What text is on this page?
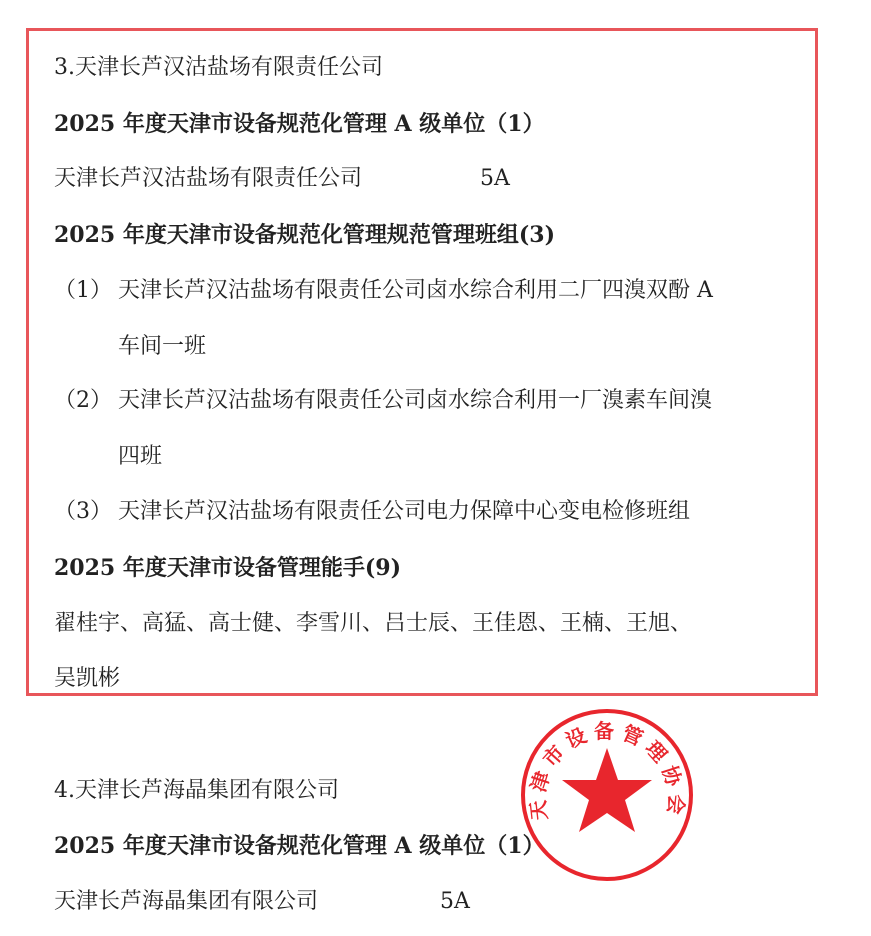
3.天津长芦汉沽盐场有限责任公司
2025 年度天津市设备规范化管理 A 级单位（1）
天津长芦汉沽盐场有限责任公司	5A
2025 年度天津市设备规范化管理规范管理班组(3)
（1） 天津长芦汉沽盐场有限责任公司卤水综合利用二厂四溴双酚 A
车间一班
（2） 天津长芦汉沽盐场有限责任公司卤水综合利用一厂溴素车间溴
四班
（3） 天津长芦汉沽盐场有限责任公司电力保障中心变电检修班组
2025 年度天津市设备管理能手(9)
翟桂宇、高猛、高士健、李雪川、吕士辰、王佳恩、王楠、王旭、
吴凯彬
4.天津长芦海晶集团有限公司
2025 年度天津市设备规范化管理 A 级单位（1）
天津长芦海晶集团有限公司	5A
天津市设备管理协会
